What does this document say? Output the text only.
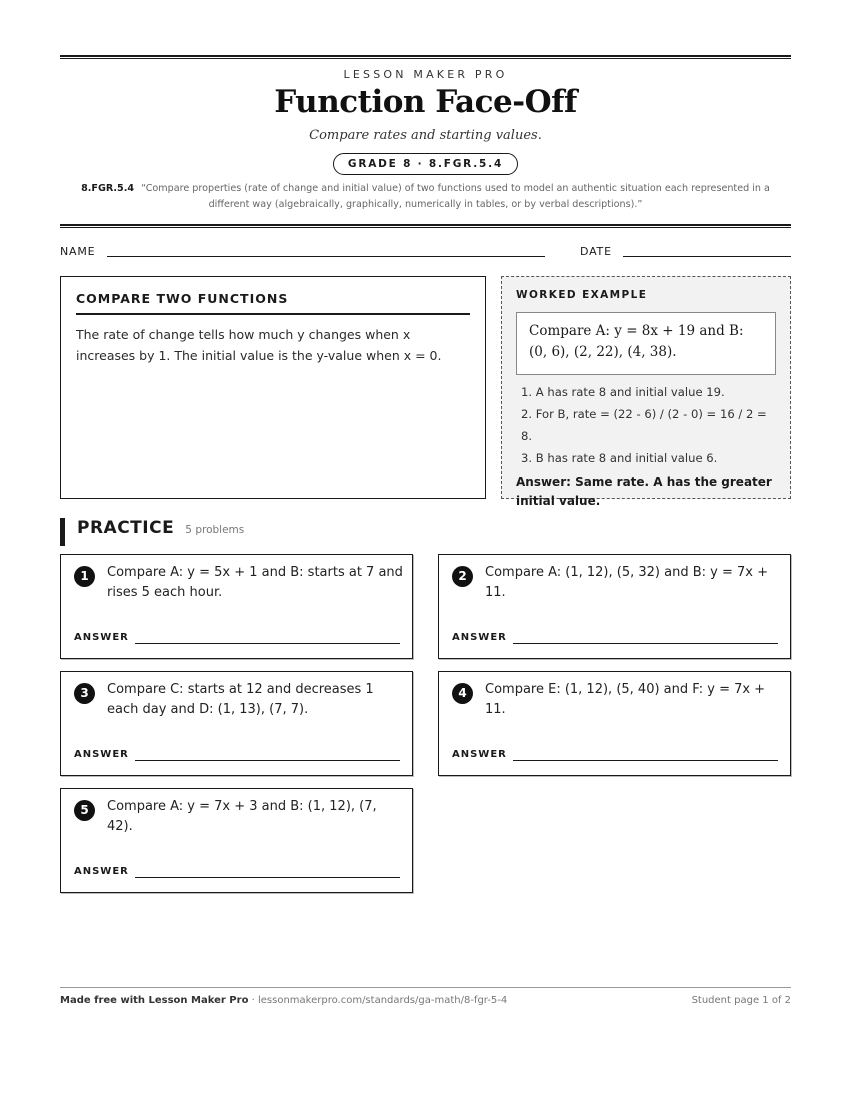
LESSON MAKER PRO
Function Face-Off
Compare rates and starting values.
GRADE 8 · 8.FGR.5.4
8.FGR.5.4 “Compare properties (rate of change and initial value) of two functions used to model an authentic situation each represented in a different way (algebraically, graphically, numerically in tables, or by verbal descriptions).”
NAME	DATE
COMPARE TWO FUNCTIONS
The rate of change tells how much y changes when x increases by 1. The initial value is the y-value when x = 0.
WORKED EXAMPLE
Compare A: y = 8x + 19 and B: (0, 6), (2, 22), (4, 38).
1. A has rate 8 and initial value 19.
2. For B, rate = (22 - 6) / (2 - 0) = 16 / 2 = 8.
3. B has rate 8 and initial value 6.
Answer: Same rate. A has the greater initial value.
PRACTICE 5 problems
1	Compare A: y = 5x + 1 and B: starts at 7 and rises 5 each hour.
ANSWER
2	Compare A: (1, 12), (5, 32) and B: y = 7x + 11.
ANSWER
3	Compare C: starts at 12 and decreases 1 each day and D: (1, 13), (7, 7).
ANSWER
4	Compare E: (1, 12), (5, 40) and F: y = 7x + 11.
ANSWER
5	Compare A: y = 7x + 3 and B: (1, 12), (7, 42).
ANSWER
Made free with Lesson Maker Pro · lessonmakerpro.com/standards/ga-math/8-fgr-5-4	Student page 1 of 2
